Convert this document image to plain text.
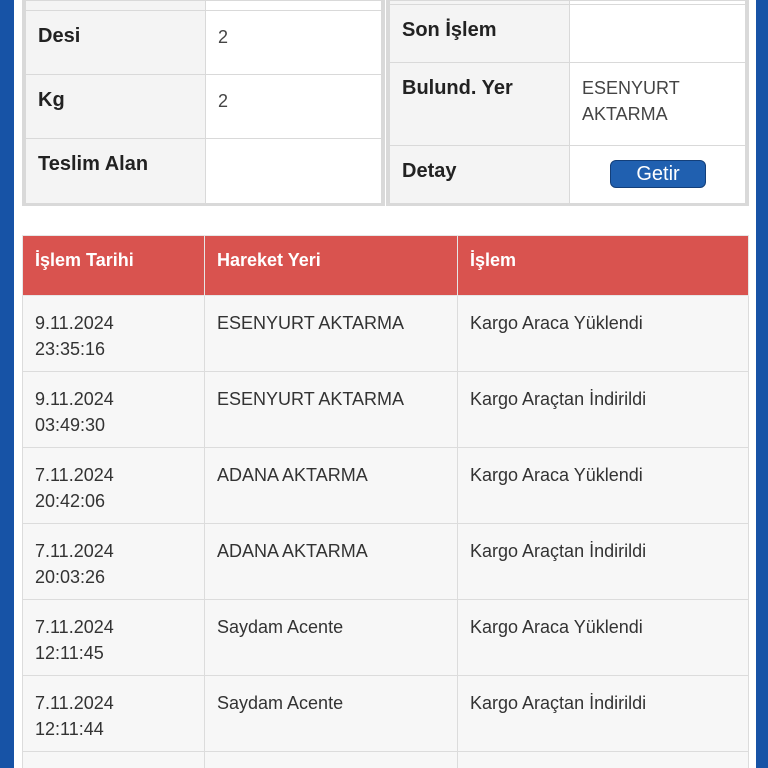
Desi	2
Kg	2
Teslim Alan	

Son İşlem	
Bulund. Yer	ESENYURT
AKTARMA

Detay	Getir
İşlem Tarihi	Hareket Yeri	İşlem

9.11.2024
23:35:16	ESENYURT AKTARMA	Kargo Araca Yüklendi

9.11.2024
03:49:30	ESENYURT AKTARMA	Kargo Araçtan İndirildi

7.11.2024
20:42:06	ADANA AKTARMA	Kargo Araca Yüklendi

7.11.2024
20:03:26	ADANA AKTARMA	Kargo Araçtan İndirildi

7.11.2024
12:11:45	Saydam Acente	Kargo Araca Yüklendi

7.11.2024
12:11:44	Saydam Acente	Kargo Araçtan İndirildi
